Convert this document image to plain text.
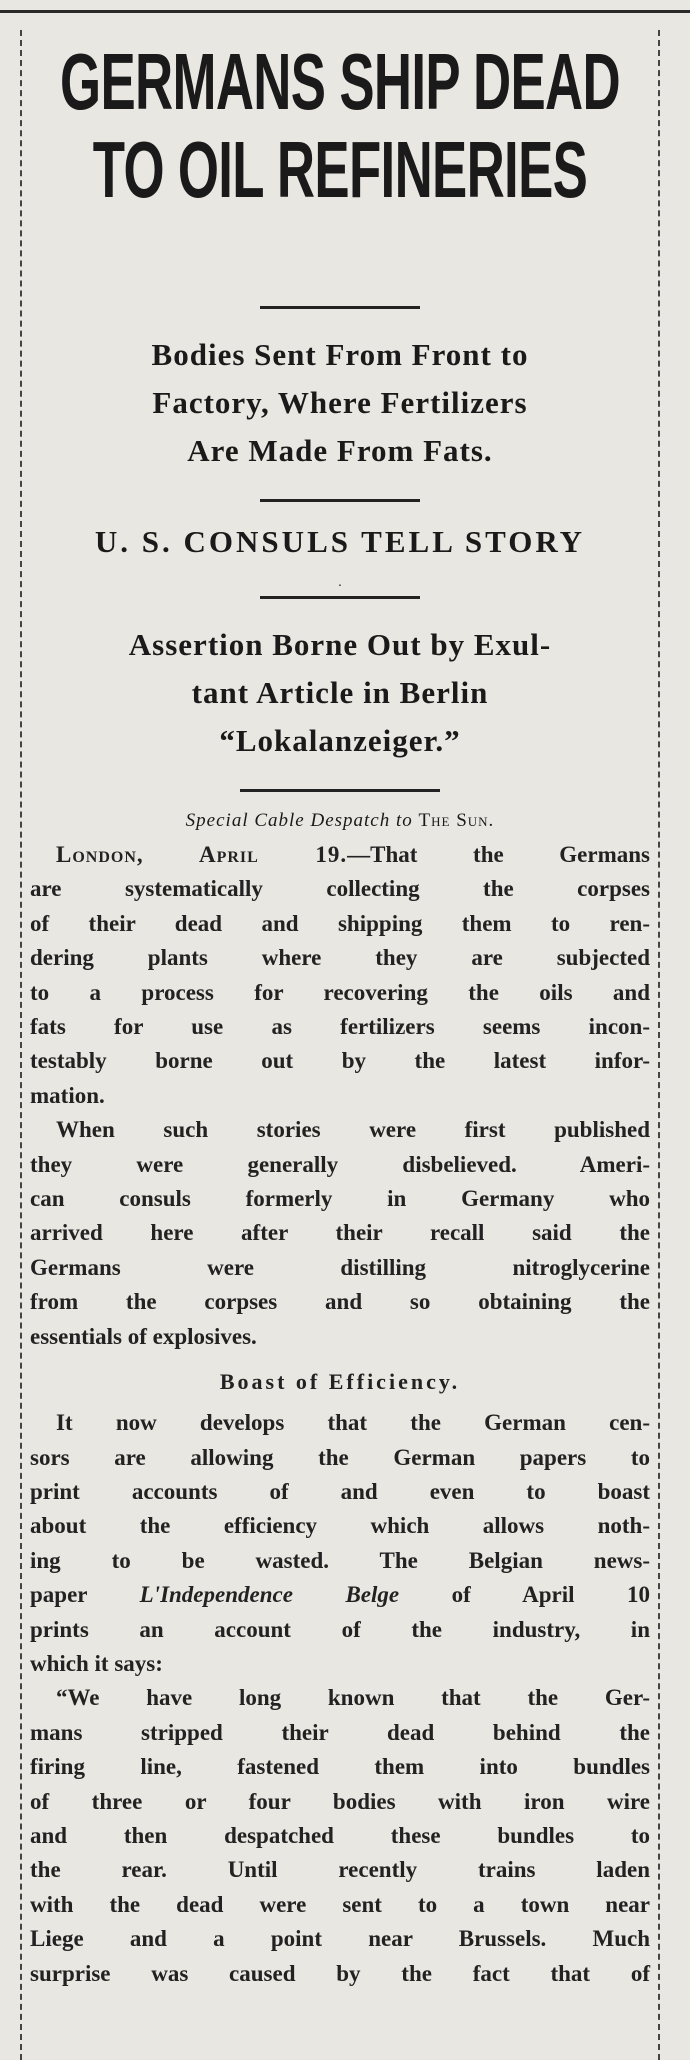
GERMANS SHIP DEAD
TO OIL REFINERIES
Bodies Sent From Front to
Factory, Where Fertilizers
Are Made From Fats.
U. S. CONSULS TELL STORY
·
Assertion Borne Out by Exul-
tant Article in Berlin
“Lokalanzeiger.”
Special Cable Despatch to The Sun.

London, April 19.—That the Germans
are systematically collecting the corpses
of their dead and shipping them to ren-
dering plants where they are subjected
to a process for recovering the oils and
fats for use as fertilizers seems incon-
testably borne out by the latest infor-
mation.

When such stories were first published
they were generally disbelieved. Ameri-
can consuls formerly in Germany who
arrived here after their recall said the
Germans were distilling nitroglycerine
from the corpses and so obtaining the
essentials of explosives.

Boast of Efficiency.

It now develops that the German cen-
sors are allowing the German papers to
print accounts of and even to boast
about the efficiency which allows noth-
ing to be wasted. The Belgian news-
paper L'Independence Belge of April 10
prints an account of the industry, in
which it says:

“We have long known that the Ger-
mans stripped their dead behind the
firing line, fastened them into bundles
of three or four bodies with iron wire
and then despatched these bundles to
the rear. Until recently trains laden
with the dead were sent to a town near
Liege and a point near Brussels. Much
surprise was caused by the fact that of
